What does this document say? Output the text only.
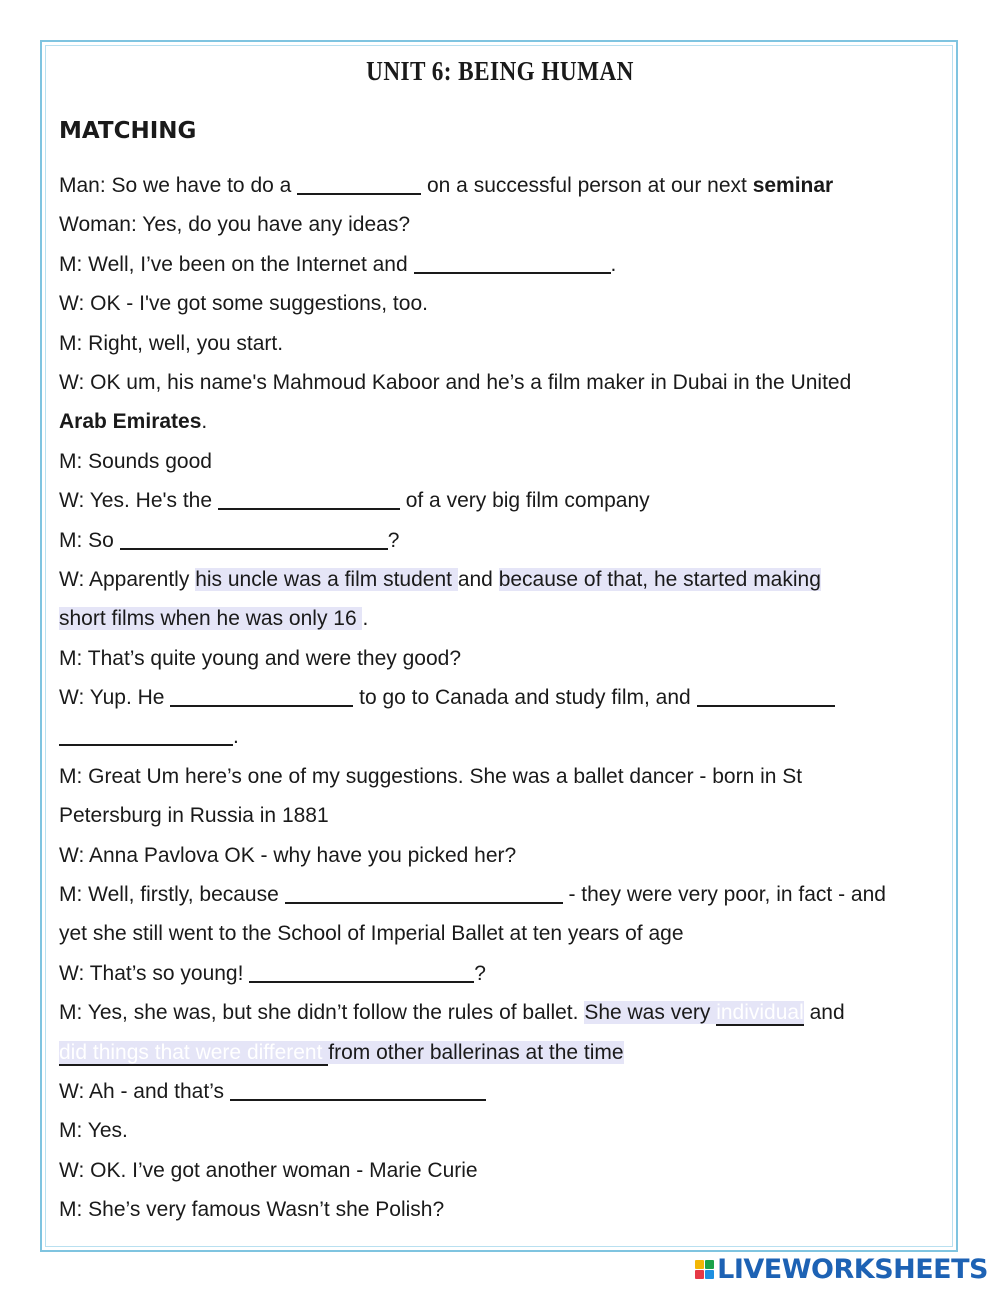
UNIT 6: BEING HUMAN
MATCHING
Man: So we have to do a	on a successful person at our next seminar
Woman: Yes, do you have any ideas?
M: Well, I’ve been on the Internet and	.
W: OK - I've got some suggestions, too.
M: Right, well, you start.
W: OK um, his name's Mahmoud Kaboor and he’s a film maker in Dubai in the United
Arab Emirates.
M: Sounds good
W: Yes. He's the	of a very big film company
M: So	?
W: Apparently his uncle was a film student and because of that, he started making
short films when he was only 16 .
M: That’s quite young and were they good?
W: Yup. He	to go to Canada and study film, and
.
M: Great Um here’s one of my suggestions. She was a ballet dancer - born in St
Petersburg in Russia in 1881
W: Anna Pavlova OK - why have you picked her?
M: Well, firstly, because	- they were very poor, in fact - and
yet she still went to the School of Imperial Ballet at ten years of age
W: That’s so young!	?
M: Yes, she was, but she didn’t follow the rules of ballet. She was very individual and
did things that were different from other ballerinas at the time
W: Ah - and that’s
M: Yes.
W: OK. I’ve got another woman - Marie Curie
M: She’s very famous Wasn’t she Polish?
LIVEWORKSHEETS
